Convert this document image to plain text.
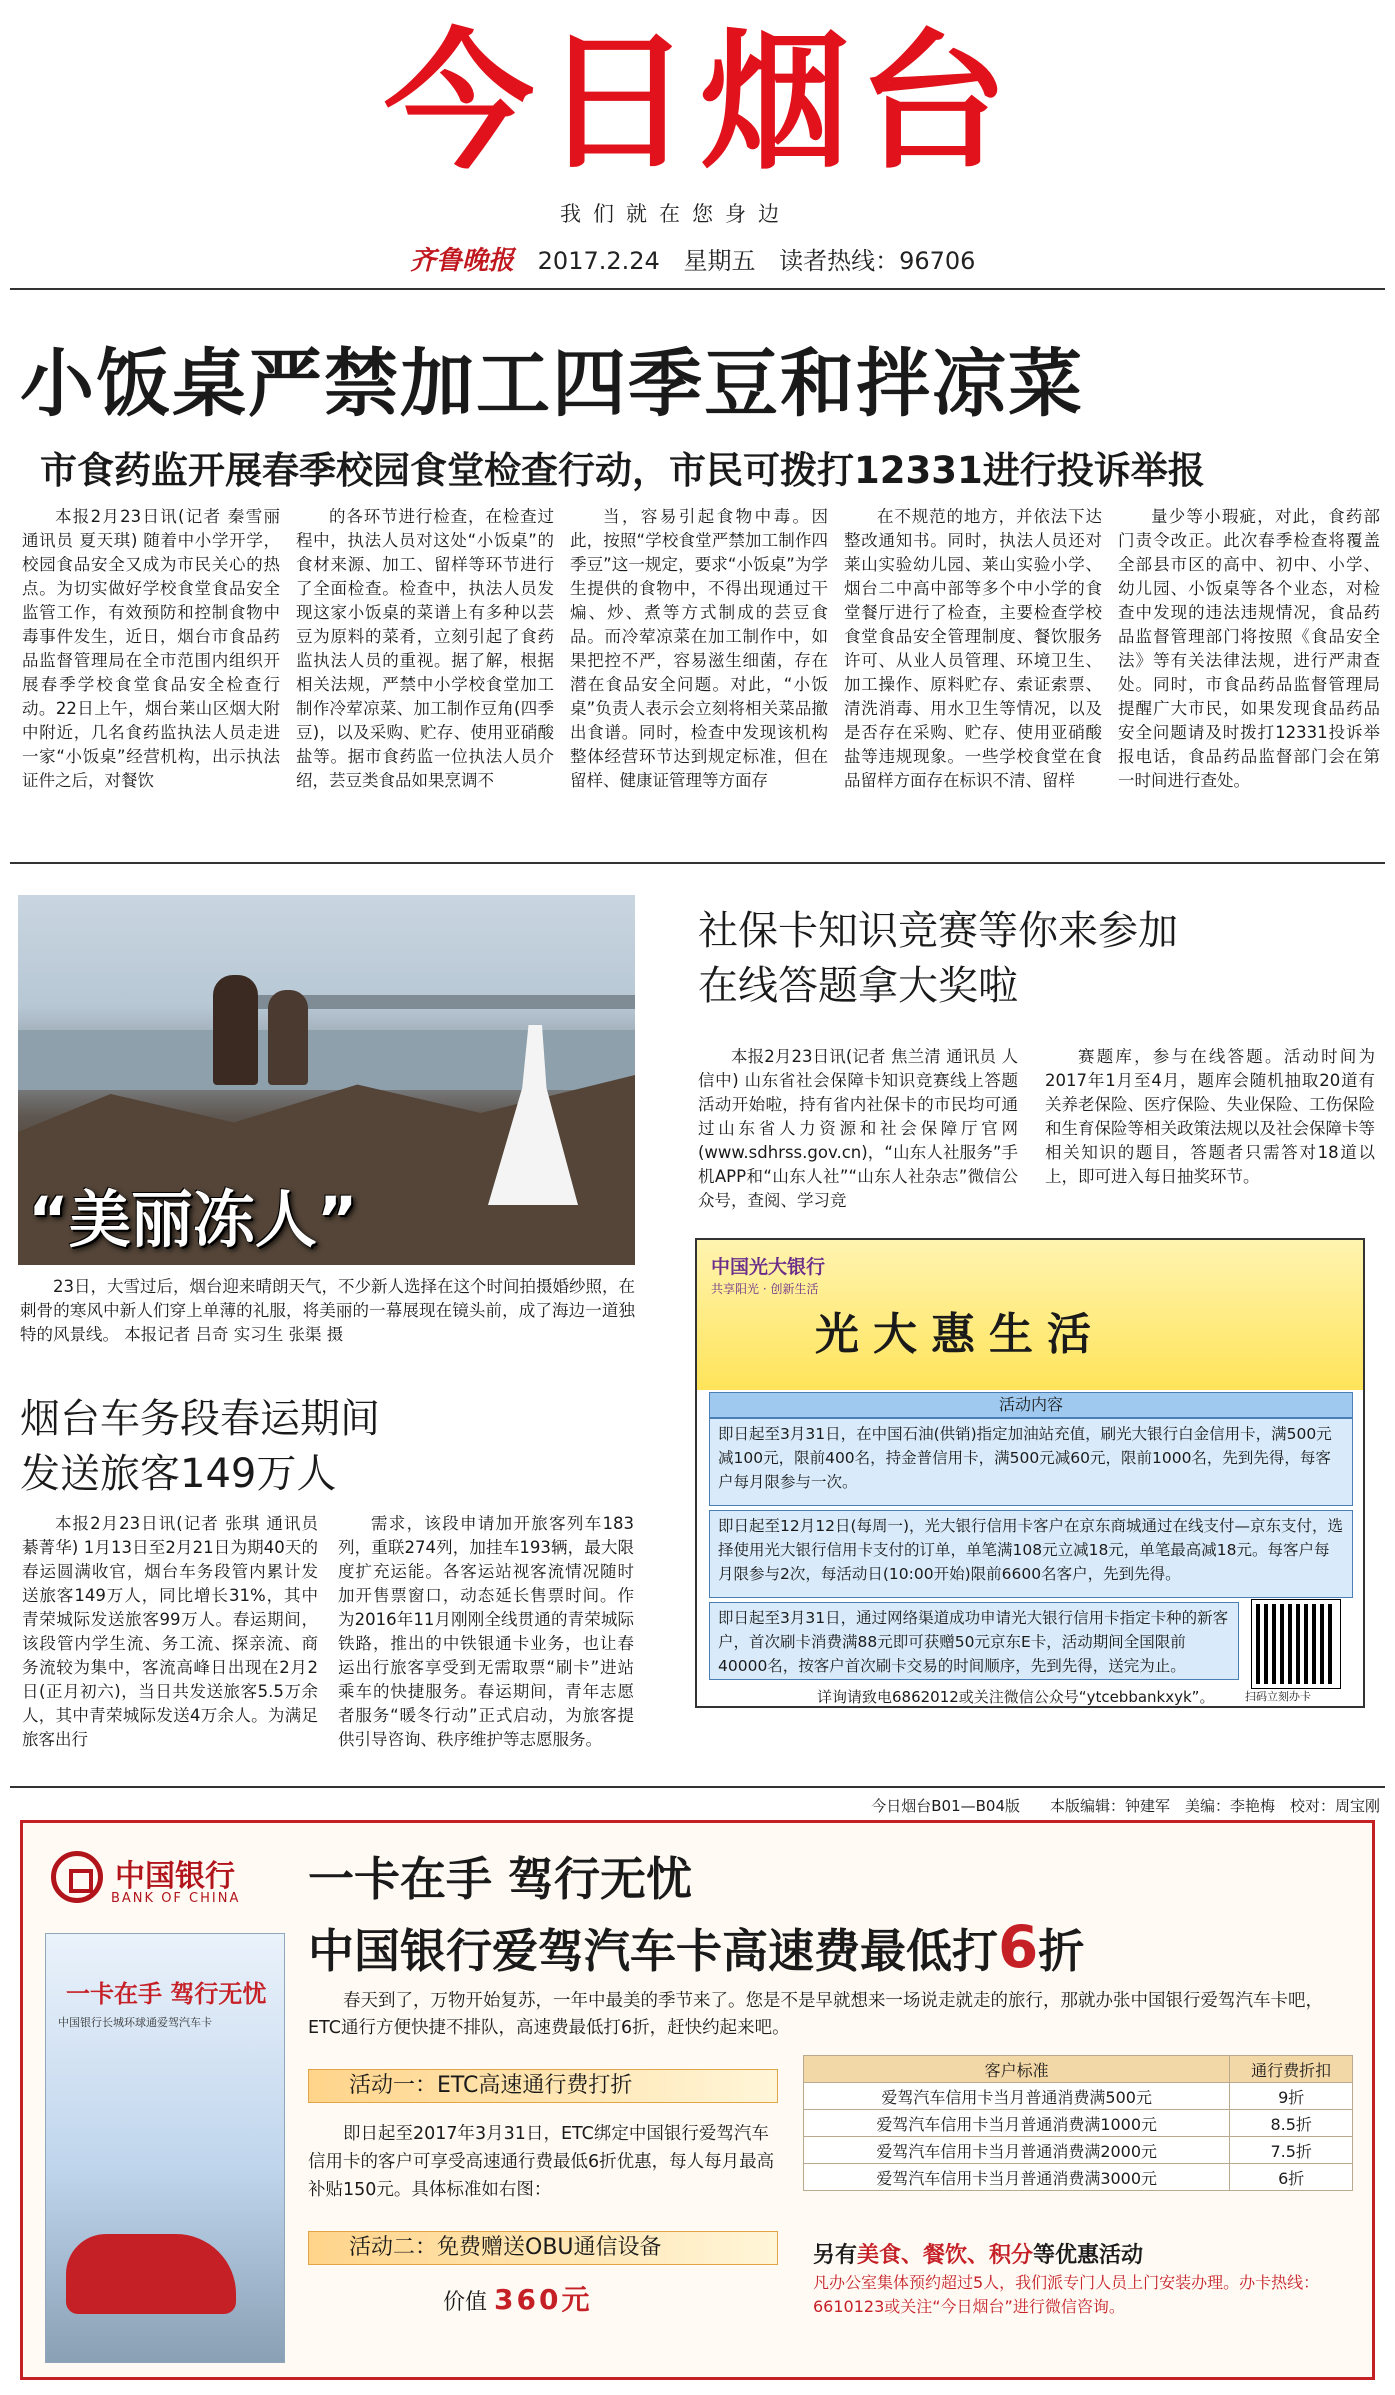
今日烟台
我们就在您身边
齐鲁晚报 2017.2.24 星期五 读者热线：96706
小饭桌严禁加工四季豆和拌凉菜
市食药监开展春季校园食堂检查行动，市民可拨打12331进行投诉举报

本报2月23日讯(记者 秦雪丽 通讯员 夏天琪) 随着中小学开学，校园食品安全又成为市民关心的热点。为切实做好学校食堂食品安全监管工作，有效预防和控制食物中毒事件发生，近日，烟台市食品药品监督管理局在全市范围内组织开展春季学校食堂食品安全检查行动。22日上午，烟台莱山区烟大附中附近，几名食药监执法人员走进一家“小饭桌”经营机构，出示执法证件之后，对餐饮

的各环节进行检查，在检查过程中，执法人员对这处“小饭桌”的食材来源、加工、留样等环节进行了全面检查。检查中，执法人员发现这家小饭桌的菜谱上有多种以芸豆为原料的菜肴，立刻引起了食药监执法人员的重视。据了解，根据相关法规，严禁中小学校食堂加工制作冷荤凉菜、加工制作豆角(四季豆)，以及采购、贮存、使用亚硝酸盐等。据市食药监一位执法人员介绍，芸豆类食品如果烹调不

当，容易引起食物中毒。因此，按照“学校食堂严禁加工制作四季豆”这一规定，要求“小饭桌”为学生提供的食物中，不得出现通过干煸、炒、煮等方式制成的芸豆食品。而冷荤凉菜在加工制作中，如果把控不严，容易滋生细菌，存在潜在食品安全问题。对此，“小饭桌”负责人表示会立刻将相关菜品撤出食谱。同时，检查中发现该机构整体经营环节达到规定标准，但在留样、健康证管理等方面存

在不规范的地方，并依法下达整改通知书。同时，执法人员还对莱山实验幼儿园、莱山实验小学、烟台二中高中部等多个中小学的食堂餐厅进行了检查，主要检查学校食堂食品安全管理制度、餐饮服务许可、从业人员管理、环境卫生、加工操作、原料贮存、索证索票、清洗消毒、用水卫生等情况，以及是否存在采购、贮存、使用亚硝酸盐等违规现象。一些学校食堂在食品留样方面存在标识不清、留样

量少等小瑕疵，对此，食药部门责令改正。此次春季检查将覆盖全部县市区的高中、初中、小学、幼儿园、小饭桌等各个业态，对检查中发现的违法违规情况，食品药品监督管理部门将按照《食品安全法》等有关法律法规，进行严肃查处。同时，市食品药品监督管理局提醒广大市民，如果发现食品药品安全问题请及时拨打12331投诉举报电话，食品药品监督部门会在第一时间进行查处。

“美丽冻人”
23日，大雪过后，烟台迎来晴朗天气，不少新人选择在这个时间拍摄婚纱照，在刺骨的寒风中新人们穿上单薄的礼服，将美丽的一幕展现在镜头前，成了海边一道独特的风景线。 本报记者 吕奇 实习生 张渠 摄
社保卡知识竞赛等你来参加
在线答题拿大奖啦

本报2月23日讯(记者 焦兰清 通讯员 人信中) 山东省社会保障卡知识竞赛线上答题活动开始啦，持有省内社保卡的市民均可通过山东省人力资源和社会保障厅官网(www.sdhrss.gov.cn)，“山东人社服务”手机APP和“山东人社”“山东人社杂志”微信公众号，查阅、学习竞

赛题库，参与在线答题。活动时间为2017年1月至4月，题库会随机抽取20道有关养老保险、医疗保险、失业保险、工伤保险和生育保险等相关政策法规以及社会保障卡等相关知识的题目，答题者只需答对18道以上，即可进入每日抽奖环节。

烟台车务段春运期间
发送旅客149万人

本报2月23日讯(记者 张琪 通讯员 綦菁华) 1月13日至2月21日为期40天的春运圆满收官，烟台车务段管内累计发送旅客149万人，同比增长31%，其中青荣城际发送旅客99万人。春运期间，该段管内学生流、务工流、探亲流、商务流较为集中，客流高峰日出现在2月2日(正月初六)，当日共发送旅客5.5万余人，其中青荣城际发送4万余人。为满足旅客出行

需求，该段申请加开旅客列车183列，重联274列，加挂车193辆，最大限度扩充运能。各客运站视客流情况随时加开售票窗口，动态延长售票时间。作为2016年11月刚刚全线贯通的青荣城际铁路，推出的中铁银通卡业务，也让春运出行旅客享受到无需取票“刷卡”进站乘车的快捷服务。春运期间，青年志愿者服务“暖冬行动”正式启动，为旅客提供引导咨询、秩序维护等志愿服务。

中国光大银行
共享阳光 · 创新生活
光大惠生活
活动内容
即日起至3月31日，在中国石油(供销)指定加油站充值，刷光大银行白金信用卡，满500元减100元，限前400名，持金普信用卡，满500元减60元，限前1000名，先到先得，每客户每月限参与一次。
即日起至12月12日(每周一)，光大银行信用卡客户在京东商城通过在线支付—京东支付，选择使用光大银行信用卡支付的订单，单笔满108元立减18元，单笔最高减18元。每客户每月限参与2次，每活动日(10:00开始)限前6600名客户，先到先得。
即日起至3月31日，通过网络渠道成功申请光大银行信用卡指定卡种的新客户，首次刷卡消费满88元即可获赠50元京东E卡，活动期间全国限前40000名，按客户首次刷卡交易的时间顺序，先到先得，送完为止。
扫码立刻办卡
详询请致电6862012或关注微信公众号“ytcebbankxyk”。
今日烟台B01—B04版　　本版编辑：钟建军　美编：李艳梅　校对：周宝刚
中国银行
BANK OF CHINA 一卡在手 驾行无忧
中国银行爱驾汽车卡高速费最低打6折
一卡在手 驾行无忧
中国银行长城环球通爱驾汽车卡
春天到了，万物开始复苏，一年中最美的季节来了。您是不是早就想来一场说走就走的旅行，那就办张中国银行爱驾汽车卡吧，ETC通行方便快捷不排队，高速费最低打6折，赶快约起来吧。
活动一：ETC高速通行费打折
即日起至2017年3月31日，ETC绑定中国银行爱驾汽车信用卡的客户可享受高速通行费最低6折优惠，每人每月最高补贴150元。具体标准如右图：
活动二：免费赠送OBU通信设备
价值 360元
客户标准	通行费折扣
爱驾汽车信用卡当月普通消费满500元	9折
爱驾汽车信用卡当月普通消费满1000元	8.5折
爱驾汽车信用卡当月普通消费满2000元	7.5折
爱驾汽车信用卡当月普通消费满3000元	6折
另有美食、餐饮、积分等优惠活动
凡办公室集体预约超过5人，我们派专门人员上门安装办理。办卡热线：6610123或关注“今日烟台”进行微信咨询。
